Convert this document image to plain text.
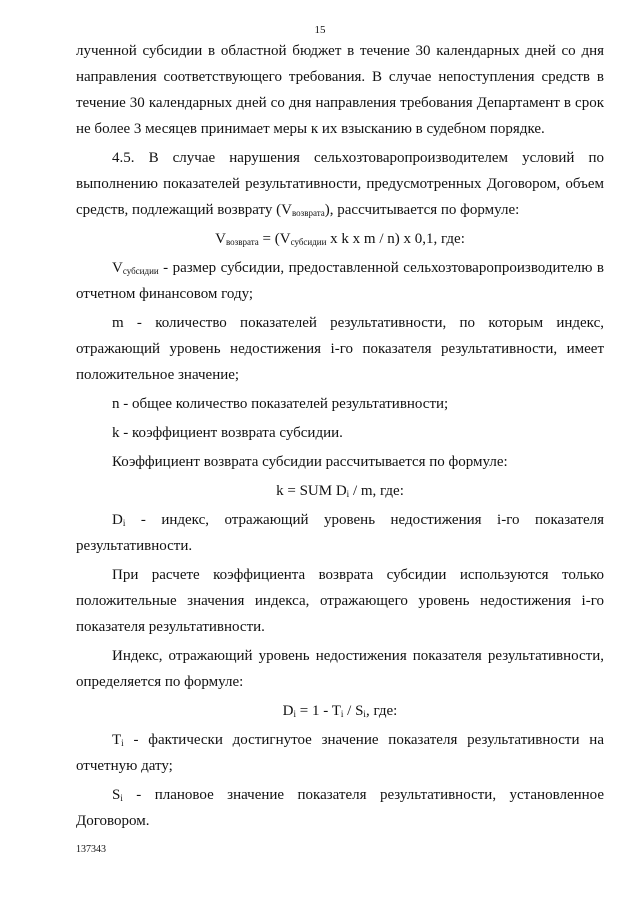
15

лученной субсидии в областной бюджет в течение 30 календарных дней со дня направления соответствующего требования. В случае непоступления средств в течение 30 календарных дней со дня направления требования Департамент в срок не более 3 месяцев принимает меры к их взысканию в судебном порядке.

4.5. В случае нарушения сельхозтоваропроизводителем условий по выполнению показателей результативности, предусмотренных Договором, объем средств, подлежащий возврату $(V_{возврата})$, рассчитывается по формуле:

$V_{возврата} = (V_{субсидии}$ x k x m / n) x 0,1, где:

$V_{субсидии}$ - размер субсидии, предоставленной сельхозтоваропроизводителю в отчетном финансовом году;

m - количество показателей результативности, по которым индекс, отражающий уровень недостижения i-го показателя результативности, имеет положительное значение;

n - общее количество показателей результативности;

k - коэффициент возврата субсидии.

Коэффициент возврата субсидии рассчитывается по формуле:

k = SUM $D_i$ / m, где:

$D_i$ - индекс, отражающий уровень недостижения i-го показателя результативности.

При расчете коэффициента возврата субсидии используются только положительные значения индекса, отражающего уровень недостижения i-го показателя результативности.

Индекс, отражающий уровень недостижения показателя результативности, определяется по формуле:

$D_i = 1 - T_i / S_i$, где:

$T_i$ - фактически достигнутое значение показателя результативности на отчетную дату;

$S_i$ - плановое значение показателя результативности, установленное Договором.

137343
